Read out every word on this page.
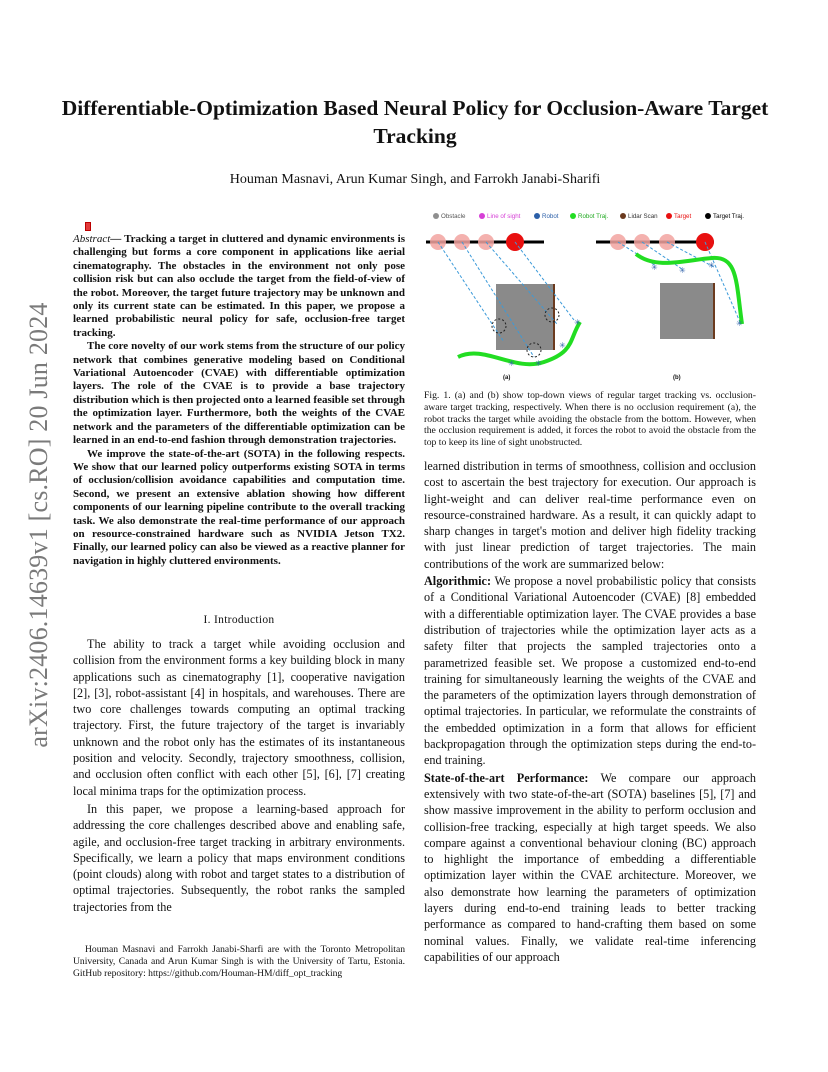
Differentiable-Optimization Based Neural Policy for Occlusion-Aware Target Tracking
Houman Masnavi, Arun Kumar Singh, and Farrokh Janabi-Sharifi
arXiv:2406.14639v1 [cs.RO] 20 Jun 2024

Abstract— Tracking a target in cluttered and dynamic environments is challenging but forms a core component in applications like aerial cinematography. The obstacles in the environment not only pose collision risk but can also occlude the target from the field-of-view of the robot. Moreover, the target future trajectory may be unknown and only its current state can be estimated. In this paper, we propose a learned probabilistic neural policy for safe, occlusion-free target tracking.

The core novelty of our work stems from the structure of our policy network that combines generative modeling based on Conditional Variational Autoencoder (CVAE) with differentiable optimization layers. The role of the CVAE is to provide a base trajectory distribution which is then projected onto a learned feasible set through the optimization layer. Furthermore, both the weights of the CVAE network and the parameters of the differentiable optimization can be learned in an end-to-end fashion through demonstration trajectories.

We improve the state-of-the-art (SOTA) in the following respects. We show that our learned policy outperforms existing SOTA in terms of occlusion/collision avoidance capabilities and computation time. Second, we present an extensive ablation showing how different components of our learning pipeline contribute to the overall tracking task. We also demonstrate the real-time performance of our approach on resource-constrained hardware such as NVIDIA Jetson TX2. Finally, our learned policy can also be viewed as a reactive planner for navigation in highly cluttered environments.

I. Introduction

The ability to track a target while avoiding occlusion and collision from the environment forms a key building block in many applications such as cinematography [1], cooperative navigation [2], [3], robot-assistant [4] in hospitals, and warehouses. There are two core challenges towards computing an optimal tracking trajectory. First, the future trajectory of the target is invariably unknown and the robot only has the estimates of its instantaneous position and velocity. Secondly, trajectory smoothness, collision, and occlusion often conflict with each other [5], [6], [7] creating local minima traps for the optimization process.

In this paper, we propose a learning-based approach for addressing the core challenges described above and enabling safe, agile, and occlusion-free target tracking in arbitrary environments. Specifically, we learn a policy that maps environment conditions (point clouds) along with robot and target states to a distribution of optimal trajectories. Subsequently, the robot ranks the sampled trajectories from the

Houman Masnavi and Farrokh Janabi-Sharfi are with the Toronto Metropolitan University, Canada and Arun Kumar Singh is with the University of Tartu, Estonia. GitHub repository: https://github.com/Houman-HM/diff_opt_tracking

Obstacle	Line of sight	Robot	Robot Traj.	Lidar Scan	Target	Target Traj.
✳	✳
✳
✳
✳	✳
✳
✳
(a)	(b)
Fig. 1. (a) and (b) show top-down views of regular target tracking vs. occlusion-aware target tracking, respectively. When there is no occlusion requirement (a), the robot tracks the target while avoiding the obstacle from the bottom. However, when the occlusion requirement is added, it forces the robot to avoid the obstacle from the top to keep its line of sight unobstructed.

learned distribution in terms of smoothness, collision and occlusion cost to ascertain the best trajectory for execution. Our approach is light-weight and can deliver real-time performance even on resource-constrained hardware. As a result, it can quickly adapt to sharp changes in target's motion and deliver high fidelity tracking with just linear prediction of target trajectories. The main contributions of the work are summarized below:

Algorithmic: We propose a novel probabilistic policy that consists of a Conditional Variational Autoencoder (CVAE) [8] embedded with a differentiable optimization layer. The CVAE provides a base distribution of trajectories while the optimization layer acts as a safety filter that projects the sampled trajectories onto a parametrized feasible set. We propose a customized end-to-end training for simultaneously learning the weights of the CVAE and the parameters of the optimization layers through demonstration of optimal trajectories. In particular, we reformulate the constraints of the embedded optimization in a form that allows for efficient backpropagation through the optimization steps during the end-to-end training.

State-of-the-art Performance: We compare our approach extensively with two state-of-the-art (SOTA) baselines [5], [7] and show massive improvement in the ability to perform occlusion and collision-free tracking, especially at high target speeds. We also compare against a conventional behaviour cloning (BC) approach to highlight the importance of embedding a differentiable optimization layer within the CVAE architecture. Moreover, we also demonstrate how learning the parameters of optimization layers during end-to-end training leads to better tracking performance as compared to hand-crafting them based on some nominal values. Finally, we validate real-time inferencing capabilities of our approach
